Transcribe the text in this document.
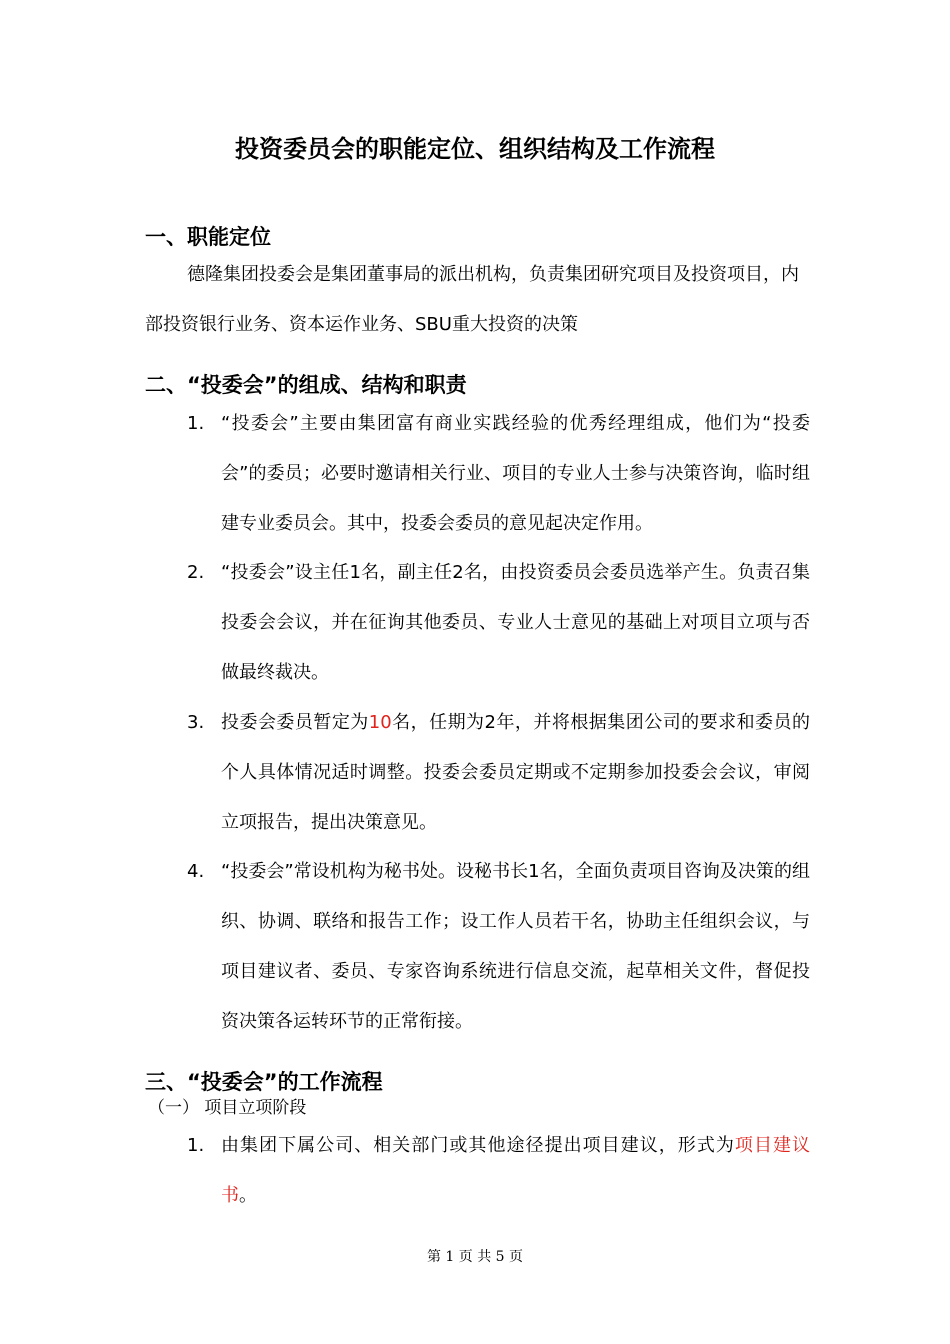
投资委员会的职能定位、组织结构及工作流程
一、职能定位
德隆集团投委会是集团董事局的派出机构，负责集团研究项目及投资项目，内部投资银行业务、资本运作业务、SBU重大投资的决策
二、“投委会”的组成、结构和职责
1. “投委会”主要由集团富有商业实践经验的优秀经理组成，他们为“投委会”的委员；必要时邀请相关行业、项目的专业人士参与决策咨询，临时组建专业委员会。其中，投委会委员的意见起决定作用。
2. “投委会”设主任1名，副主任2名，由投资委员会委员选举产生。负责召集投委会会议，并在征询其他委员、专业人士意见的基础上对项目立项与否做最终裁决。
3. 投委会委员暂定为10名，任期为2年，并将根据集团公司的要求和委员的个人具体情况适时调整。投委会委员定期或不定期参加投委会会议，审阅立项报告，提出决策意见。
4. “投委会”常设机构为秘书处。设秘书长1名，全面负责项目咨询及决策的组织、协调、联络和报告工作；设工作人员若干名，协助主任组织会议，与项目建议者、委员、专家咨询系统进行信息交流，起草相关文件，督促投资决策各运转环节的正常衔接。
三、“投委会”的工作流程
（一） 项目立项阶段
1. 由集团下属公司、相关部门或其他途径提出项目建议，形式为项目建议书。
第 1 页 共 5 页
